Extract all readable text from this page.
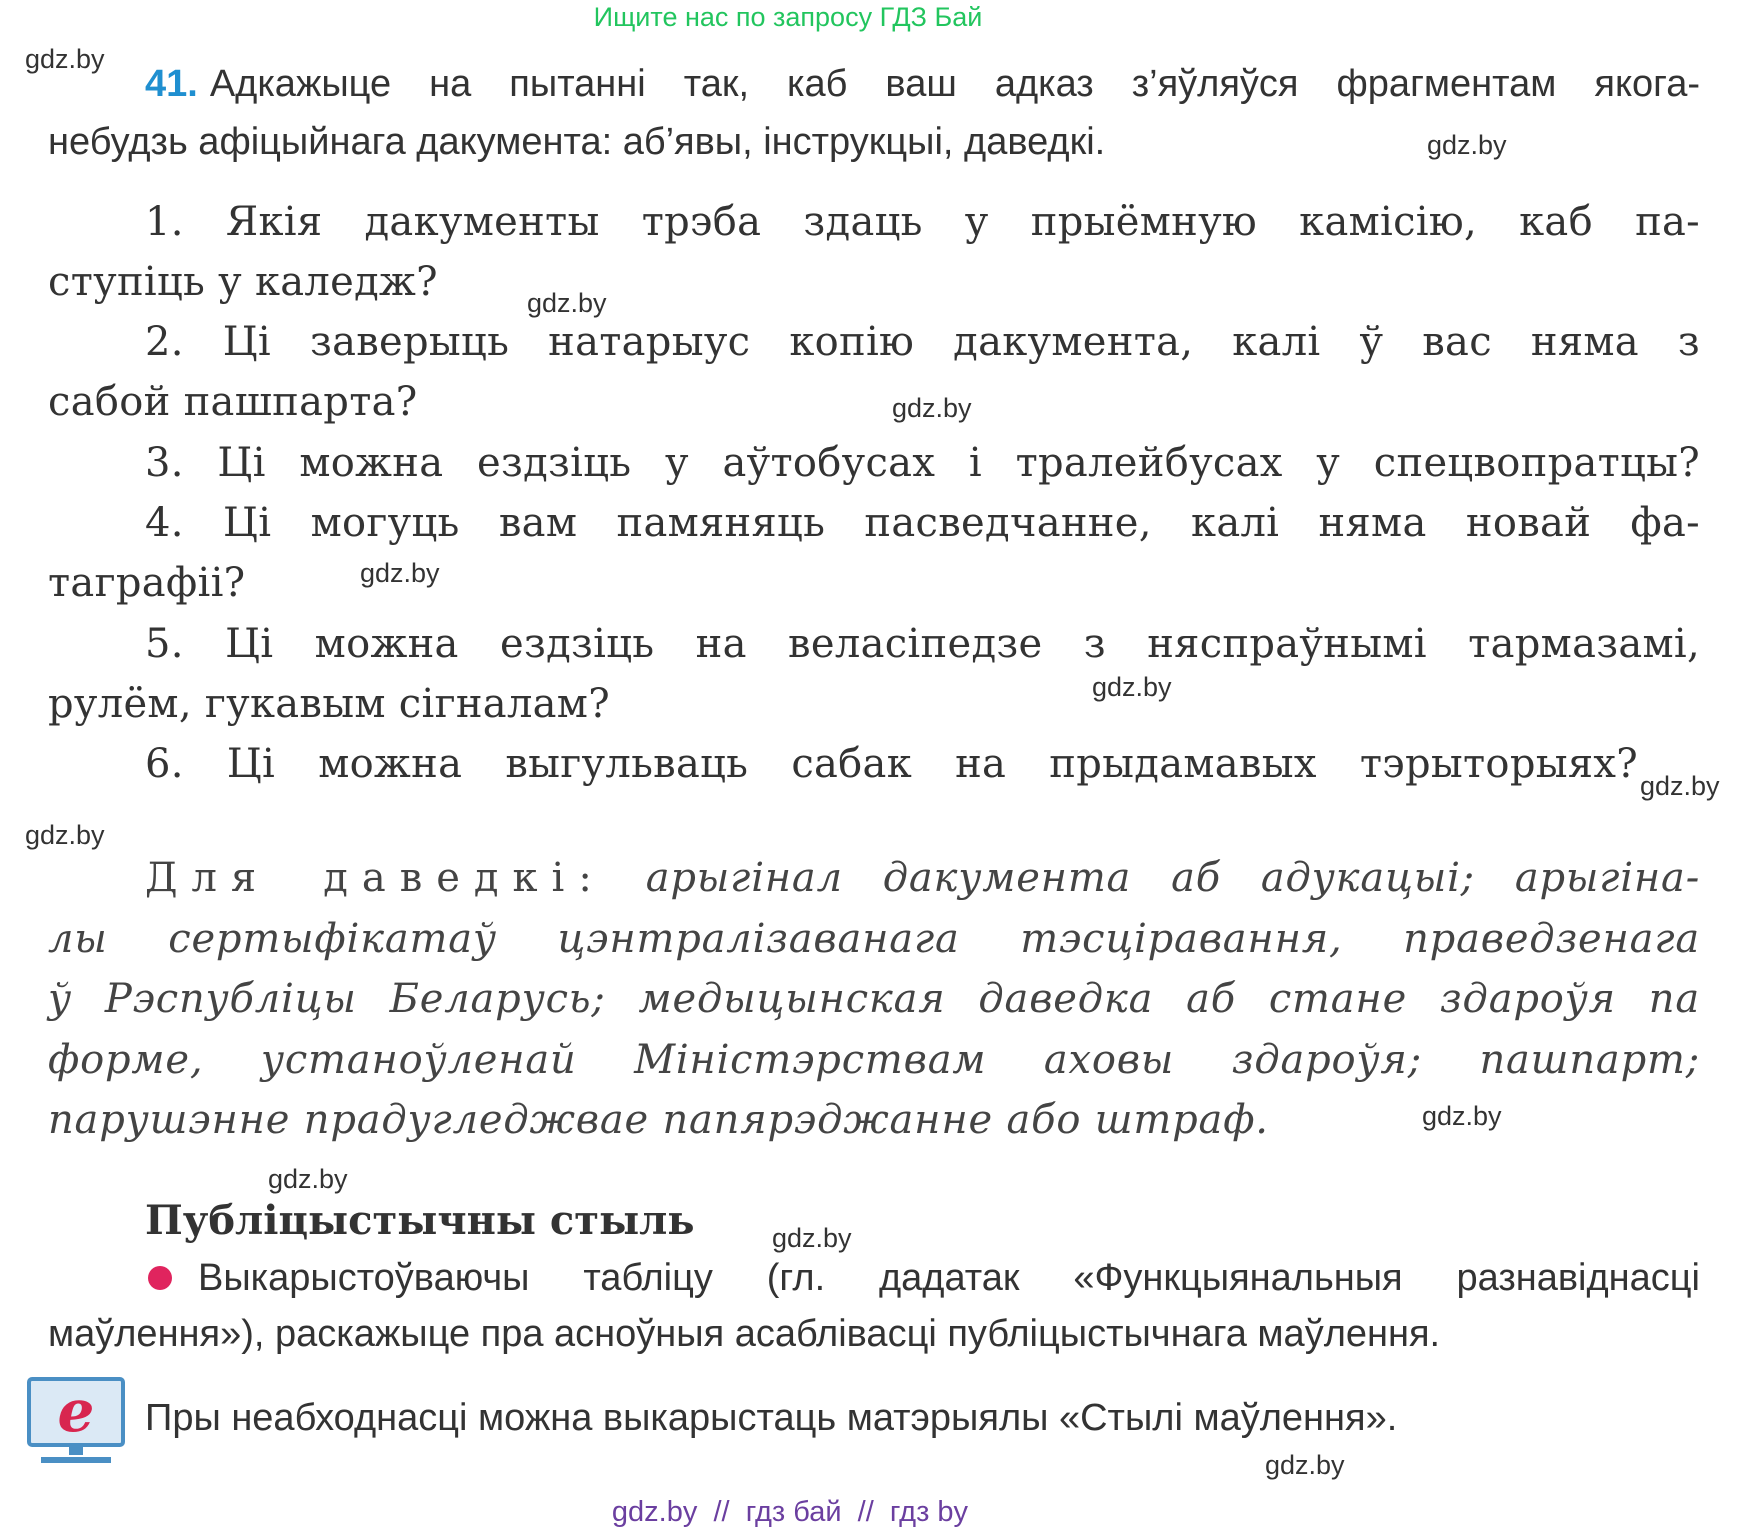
Ищите нас по запросу ГДЗ Бай
gdz.by
gdz.by
gdz.by
gdz.by
gdz.by
gdz.by
gdz.by
gdz.by
gdz.by
gdz.by
gdz.by
gdz.by
41. Адкажыце на пытанні так, каб ваш адказ з’яўляўся фрагментам якога-
небудзь афіцыйнага дакумента: аб’явы, інструкцыі, даведкі.
1. Якія дакументы трэба здаць у прыёмную камісію, каб па-
ступіць у каледж?
2. Ці заверыць натарыус копію дакумента, калі ў вас няма з
сабой пашпарта?
3. Ці можна ездзіць у аўтобусах і тралейбусах у спецвопратцы?
4. Ці могуць вам памяняць пасведчанне, калі няма новай фа-
таграфіі?
5. Ці можна ездзіць на веласіпедзе з няспраўнымі тармазамі,
рулём, гукавым сігналам?
6. Ці можна выгульваць сабак на прыдамавых тэрыторыях?
Для даведкі: арыгінал дакумента аб адукацыі; арыгіна-
лы сертыфікатаў цэнтралізаванага тэсціравання, праведзенага
ў Рэспубліцы Беларусь; медыцынская даведка аб стане здароўя па
форме, устаноўленай Міністэрствам аховы здароўя; пашпарт;
парушэнне прадугледжвае папярэджанне або штраф.
Публіцыстычны стыль
Выкарыстоўваючы табліцу (гл. дадатак «Функцыянальныя разнавіднасці
маўлення»), раскажыце пра асноўныя асаблівасці публіцыстычнага маўлення.
e Пры неабходнасці можна выкарыстаць матэрыялы «Стылі маўлення».
gdz.by  //  гдз бай  //  гдз by
